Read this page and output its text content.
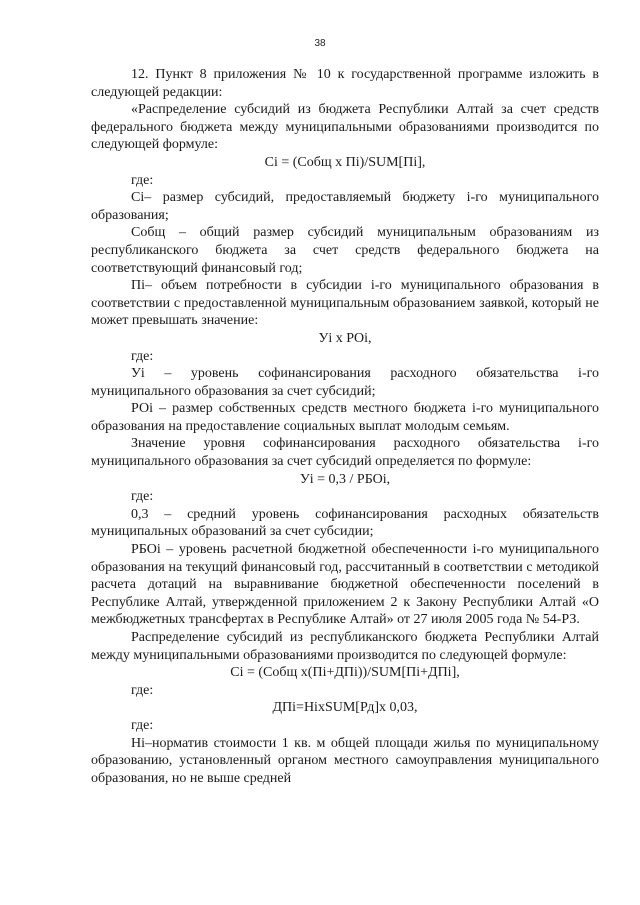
38

12. Пункт 8 приложения № 10 к государственной программе изложить в следующей редакции:

«Распределение субсидий из бюджета Республики Алтай за счет средств федерального бюджета между муниципальными образованиями производится по следующей формуле:

Ci = (Собщ x Пi)/SUM[Пi],

где:

Ci– размер субсидий, предоставляемый бюджету i-го муниципального образования;

Собщ – общий размер субсидий муниципальным образованиям из республиканского бюджета за счет средств федерального бюджета на соответствующий финансовый год;

Пi– объем потребности в субсидии i-го муниципального образования в соответствии с предоставленной муниципальным образованием заявкой, который не может превышать значение:

Уi x POi,

где:

Уi – уровень софинансирования расходного обязательства i-го муниципального образования за счет субсидий;

РОi – размер собственных средств местного бюджета i-го муниципального образования на предоставление социальных выплат молодым семьям.

Значение уровня софинансирования расходного обязательства i-го муниципального образования за счет субсидий определяется по формуле:

Уi = 0,3 / РБОi,

где:

0,3 – средний уровень софинансирования расходных обязательств муниципальных образований за счет субсидии;

РБОi – уровень расчетной бюджетной обеспеченности i-го муниципального образования на текущий финансовый год, рассчитанный в соответствии с методикой расчета дотаций на выравнивание бюджетной обеспеченности поселений в Республике Алтай, утвержденной приложением 2 к Закону Республики Алтай «О межбюджетных трансфертах в Республике Алтай» от 27 июля 2005 года № 54-РЗ.

Распределение субсидий из республиканского бюджета Республики Алтай между муниципальными образованиями производится по следующей формуле:

Ci = (Собщ x(Пi+ДПi))/SUM[Пi+ДПi],

где:

ДПi=НixSUM[Рд]x 0,03,

где:

Нi–норматив стоимости 1 кв. м общей площади жилья по муниципальному образованию, установленный органом местного самоуправления муниципального образования, но не выше средней
